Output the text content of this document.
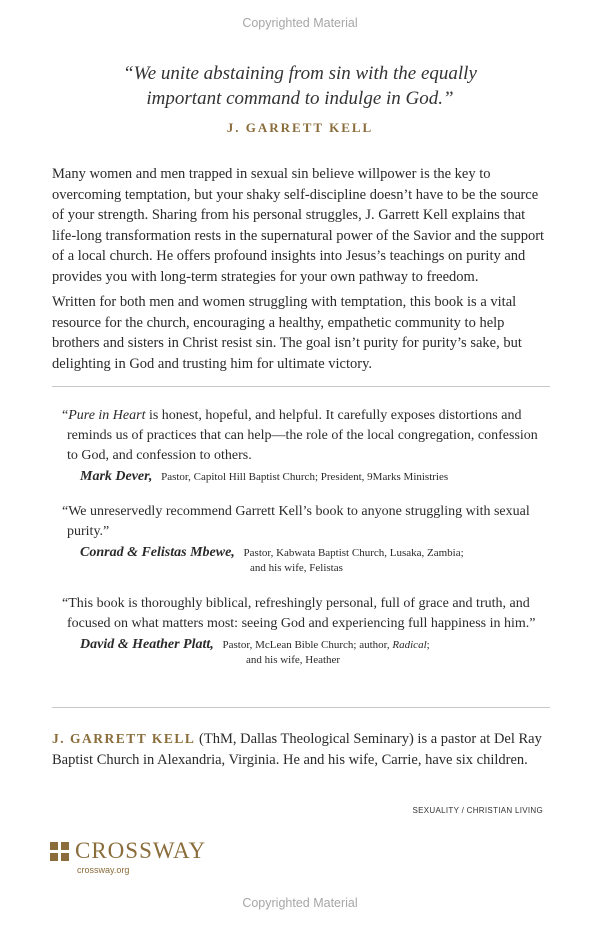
Copyrighted Material
“We unite abstaining from sin with the equally
important command to indulge in God.”
J. GARRETT KELL

Many women and men trapped in sexual sin believe willpower is the key to overcoming temptation, but your shaky self-discipline doesn’t have to be the source of your strength. Sharing from his personal struggles, J. Garrett Kell explains that life-long transformation rests in the supernatural power of the Savior and the support of a local church. He offers profound insights into Jesus’s teachings on purity and provides you with long-term strategies for your own pathway to freedom.

Written for both men and women struggling with temptation, this book is a vital resource for the church, encouraging a healthy, empathetic community to help brothers and sisters in Christ resist sin. The goal isn’t purity for purity’s sake, but delighting in God and trusting him for ultimate victory.

“Pure in Heart is honest, hopeful, and helpful. It carefully exposes distortions and reminds us of practices that can help—the role of the local congregation, confession to God, and confession to others.
Mark Dever, Pastor, Capitol Hill Baptist Church; President, 9Marks Ministries
“We unreservedly recommend Garrett Kell’s book to anyone struggling with sexual purity.”
Conrad & Felistas Mbewe, Pastor, Kabwata Baptist Church, Lusaka, Zambia;
and his wife, Felistas
“This book is thoroughly biblical, refreshingly personal, full of grace and truth, and focused on what matters most: seeing God and experiencing full happiness in him.”
David & Heather Platt, Pastor, McLean Bible Church; author, Radical;
and his wife, Heather
J. GARRETT KELL (ThM, Dallas Theological Seminary) is a pastor at Del Ray Baptist Church in Alexandria, Virginia. He and his wife, Carrie, have six children.
SEXUALITY / CHRISTIAN LIVING
CROSSWAY
crossway.org
Copyrighted Material
